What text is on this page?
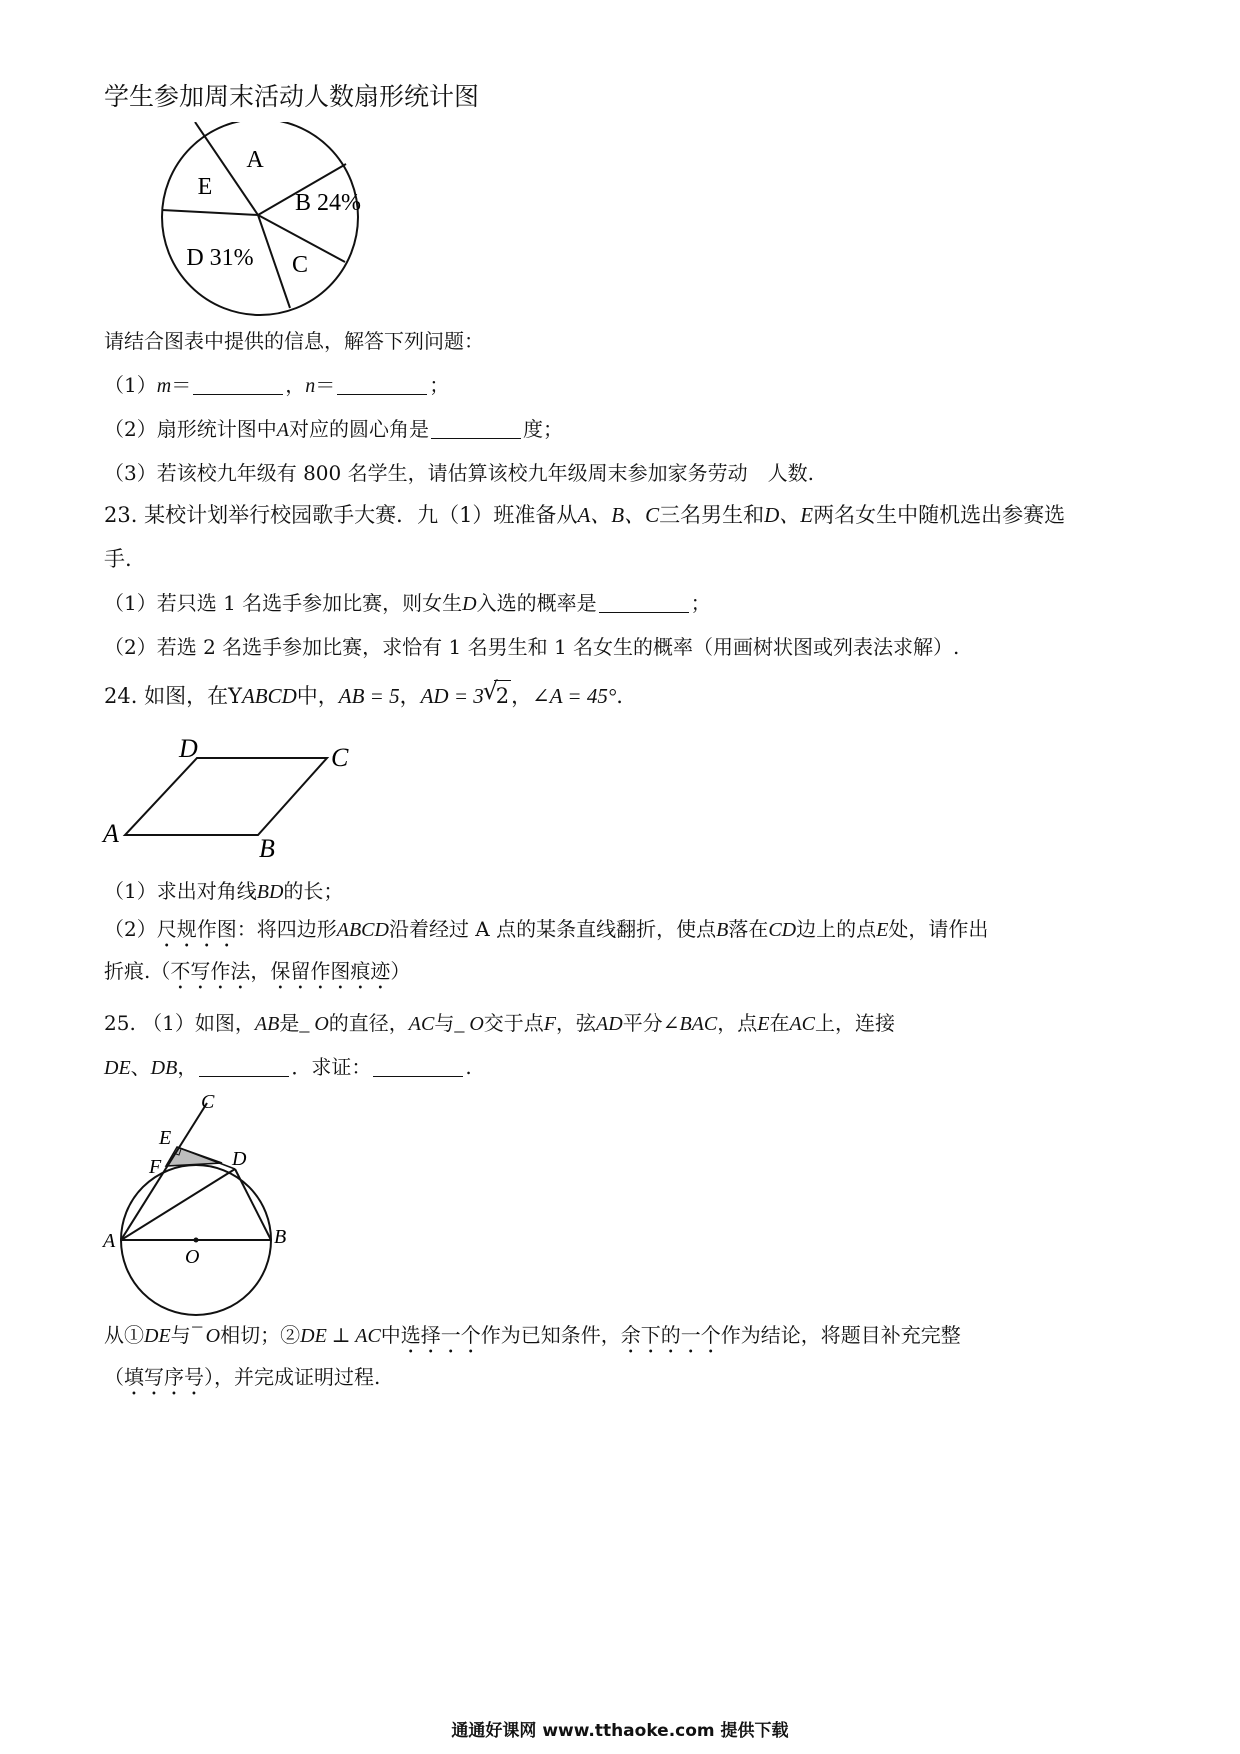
学生参加周末活动人数扇形统计图
A
B 24%
C
D 31%
E
请结合图表中提供的信息，解答下列问题：
（1）m＝	，n＝	；
（2）扇形统计图中A对应的圆心角是	度；
（3）若该校九年级有 800 名学生，请估算该校九年级周末参加家务劳动　人数.
23. 某校计划举行校园歌手大赛．九（1）班准备从A、B、C三名男生和D、E两名女生中随机选出参赛选
手.
（1）若只选 1 名选手参加比赛，则女生D入选的概率是	；
（2）若选 2 名选手参加比赛，求恰有 1 名男生和 1 名女生的概率（用画树状图或列表法求解）.
24. 如图，在YABCD中，AB = 5，AD = 3 √
2，∠A = 45°.
A
B
C
D
（1）求出对角线BD的长；
（2）尺规作图：将四边形ABCD沿着经过 A 点的某条直线翻折，使点B落在CD边上的点E处，请作出
折痕.（不写作法，保留作图痕迹）
25. （1）如图，AB是_ O的直径，AC与_ O交于点F，弦AD平分∠BAC，点E在AC上，连接
DE、DB，	．求证：	.
C
E
F	D
A	B
O
从①DE与¯ O相切；②DE ⊥ AC中选择一个作为已知条件，余下的一个作为结论，将题目补充完整
（填写序号），并完成证明过程.
通通好课网 www.tthaoke.com 提供下载
